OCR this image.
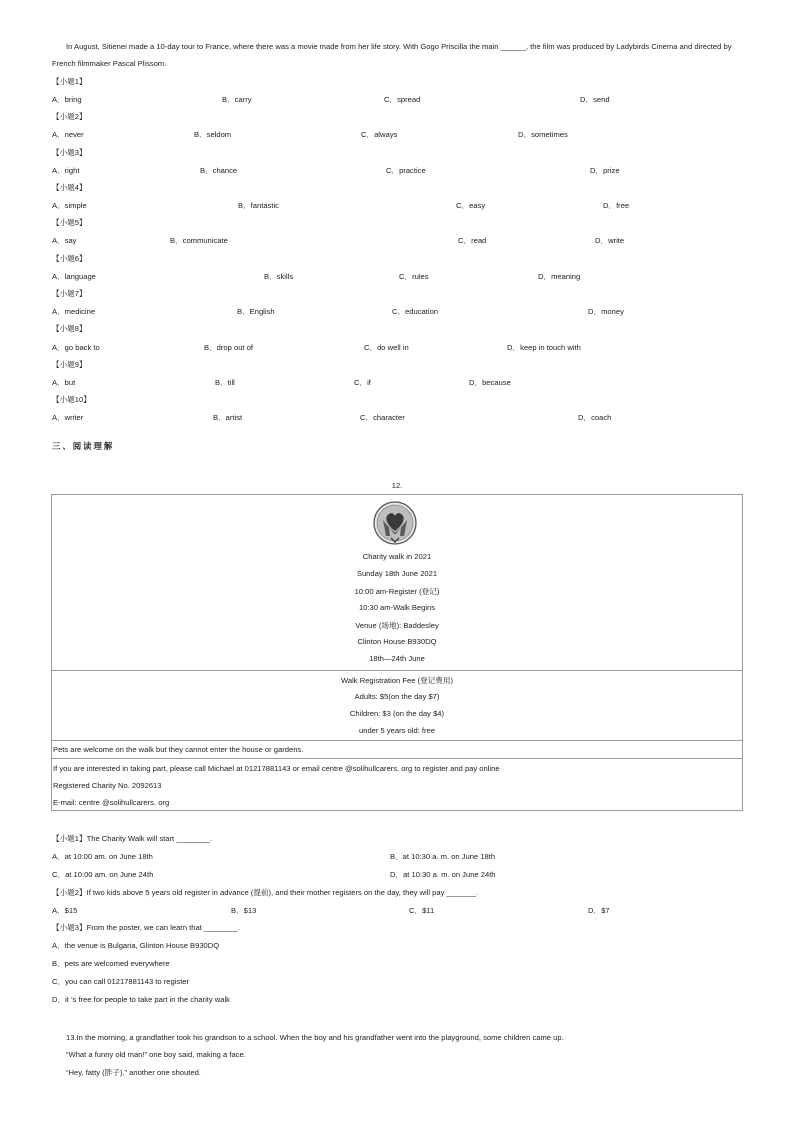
In August, Sitienei made a 10-day tour to France, where there was a movie made from her life story. With Gogo Priscilla the main ______, the film was produced by Ladybirds Cinema and directed by French filmmaker Pascal Plissom.
【小题1】
A．bring	B．carry	C．spread	D．send
【小题2】
A．never	B．seldom	C．always	D．sometimes
【小题3】
A．right	B．chance	C．practice	D．prize
【小题4】
A．simple	B．fantastic	C．easy	D．free
【小题5】
A．say	B．communicate	C．read	D．write
【小题6】
A．language	B．skills	C．rules	D．meaning
【小题7】
A．medicine	B．English	C．education	D．money
【小题8】
A．go back to	B．drop out of	C．do well in	D．keep in touch with
【小题9】
A．but	B．till	C．if	D．because
【小题10】
A．writer	B．artist	C．character	D．coach
三、阅读理解
12.
Charity walk in 2021
Sunday 18th June 2021
10:00 am-Register (登记)
10:30 am-Walk Begins
Venue (场地): Baddesley
Clinton House B930DQ
18th—24th June
Walk Registration Fee (登记费用)
Adults: $5(on the day $7)
Children: $3 (on the day $4)
under 5 years old: free
Pets are welcome on the walk but they cannot enter the house or gardens.
If you are interested in taking part, please call Michael at 01217881143 or email centre @solihullcarers. org to register and pay online
Registered Charity No. 2092613
E-mail: centre @solihullcarers. org
【小题1】The Charity Walk will start ________.
A．at 10:00 am. on June 18th	B．at 10:30 a. m. on June 18th
C．at 10:00 am. on June 24th	D．at 10:30 a. m. on June 24th
【小题2】If two kids above 5 years old register in advance (提前), and their mother registers on the day, they will pay _______.
A．$15	B．$13	C．$11	D．$7
【小题3】From the poster, we can learn that ________.
A．the venue is Bulgaria, Glinton House B930DQ
B．pets are welcomed everywhere
C．you can call 01217881143 to register
D．it ’s free for people to take part in the charity walk
13.In the morning, a grandfather took his grandson to a school. When the boy and his grandfather went into the playground, some children came up.
“What a funny old man!” one boy said, making a face.
“Hey, fatty (胖子),” another one shouted.
